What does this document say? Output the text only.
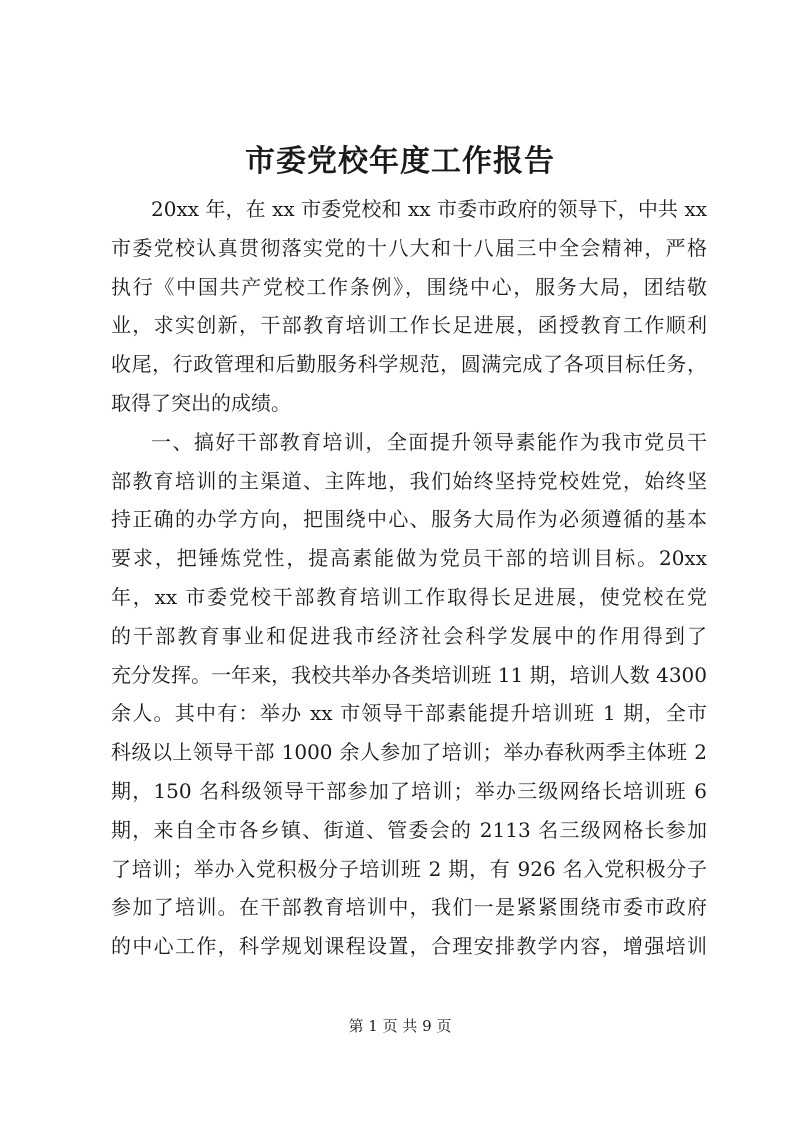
市委党校年度工作报告
20xx 年，在 xx 市委党校和 xx 市委市政府的领导下，中共 xx
市委党校认真贯彻落实党的十八大和十八届三中全会精神，严格
执行《中国共产党校工作条例》，围绕中心，服务大局，团结敬
业，求实创新，干部教育培训工作长足进展，函授教育工作顺利
收尾，行政管理和后勤服务科学规范，圆满完成了各项目标任务，
取得了突出的成绩。
一、搞好干部教育培训，全面提升领导素能作为我市党员干
部教育培训的主渠道、主阵地，我们始终坚持党校姓党，始终坚
持正确的办学方向，把围绕中心、服务大局作为必须遵循的基本
要求，把锤炼党性，提高素能做为党员干部的培训目标。20xx
年，xx 市委党校干部教育培训工作取得长足进展，使党校在党
的干部教育事业和促进我市经济社会科学发展中的作用得到了
充分发挥。一年来，我校共举办各类培训班 11 期，培训人数 4300
余人。其中有：举办 xx 市领导干部素能提升培训班 1 期，全市
科级以上领导干部 1000 余人参加了培训；举办春秋两季主体班 2
期，150 名科级领导干部参加了培训；举办三级网络长培训班 6
期，来自全市各乡镇、街道、管委会的 2113 名三级网格长参加
了培训；举办入党积极分子培训班 2 期，有 926 名入党积极分子
参加了培训。在干部教育培训中，我们一是紧紧围绕市委市政府
的中心工作，科学规划课程设置，合理安排教学内容，增强培训
第 1 页 共 9 页
